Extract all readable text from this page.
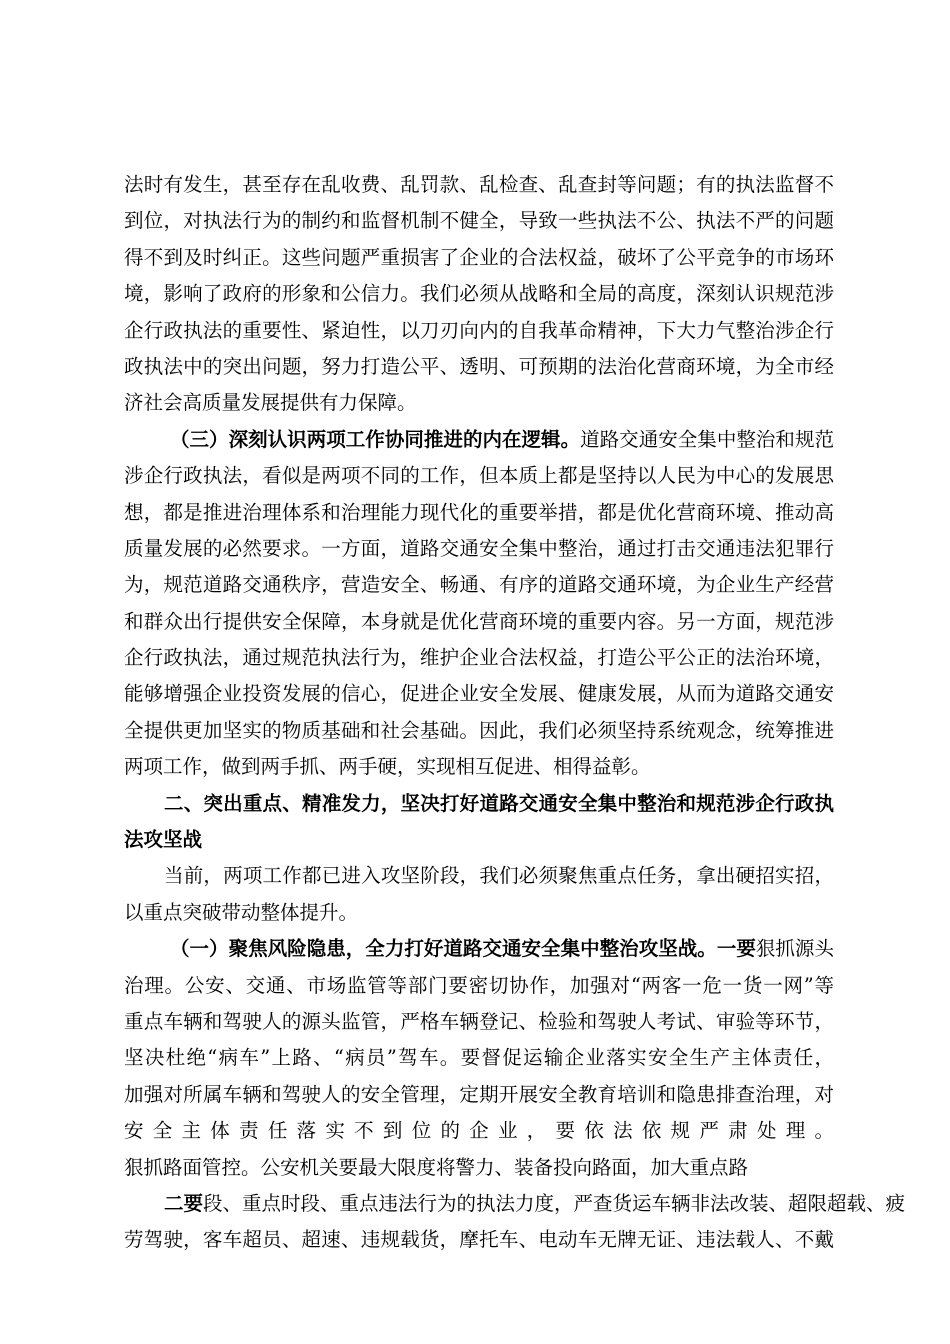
法时有发生，甚至存在乱收费、乱罚款、乱检查、乱查封等问题；有的执法监督不
到位，对执法行为的制约和监督机制不健全，导致一些执法不公、执法不严的问题
得不到及时纠正。这些问题严重损害了企业的合法权益，破坏了公平竞争的市场环
境，影响了政府的形象和公信力。我们必须从战略和全局的高度，深刻认识规范涉
企行政执法的重要性、紧迫性，以刀刃向内的自我革命精神，下大力气整治涉企行
政执法中的突出问题，努力打造公平、透明、可预期的法治化营商环境，为全市经
济社会高质量发展提供有力保障。
（三）深刻认识两项工作协同推进的内在逻辑。道路交通安全集中整治和规范
涉企行政执法，看似是两项不同的工作，但本质上都是坚持以人民为中心的发展思
想，都是推进治理体系和治理能力现代化的重要举措，都是优化营商环境、推动高
质量发展的必然要求。一方面，道路交通安全集中整治，通过打击交通违法犯罪行
为，规范道路交通秩序，营造安全、畅通、有序的道路交通环境，为企业生产经营
和群众出行提供安全保障，本身就是优化营商环境的重要内容。另一方面，规范涉
企行政执法，通过规范执法行为，维护企业合法权益，打造公平公正的法治环境，
能够增强企业投资发展的信心，促进企业安全发展、健康发展，从而为道路交通安
全提供更加坚实的物质基础和社会基础。因此，我们必须坚持系统观念，统筹推进
两项工作，做到两手抓、两手硬，实现相互促进、相得益彰。
二、突出重点、精准发力，坚决打好道路交通安全集中整治和规范涉企行政执
法攻坚战
当前，两项工作都已进入攻坚阶段，我们必须聚焦重点任务，拿出硬招实招，
以重点突破带动整体提升。
（一）聚焦风险隐患，全力打好道路交通安全集中整治攻坚战。一要狠抓源头
治理。公安、交通、市场监管等部门要密切协作，加强对“两客一危一货一网”等
重点车辆和驾驶人的源头监管，严格车辆登记、检验和驾驶人考试、审验等环节，
坚决杜绝“病车”上路、“病员”驾车。要督促运输企业落实安全生产主体责任，
加强对所属车辆和驾驶人的安全管理，定期开展安全教育培训和隐患排查治理，对
安全主体责任落实不到位的企业，要依法依规严肃处理。
狠抓路面管控。公安机关要最大限度将警力、装备投向路面，加大重点路
二要段、重点时段、重点违法行为的执法力度，严查货运车辆非法改装、超限超载、疲
劳驾驶，客车超员、超速、违规载货，摩托车、电动车无牌无证、违法载人、不戴
